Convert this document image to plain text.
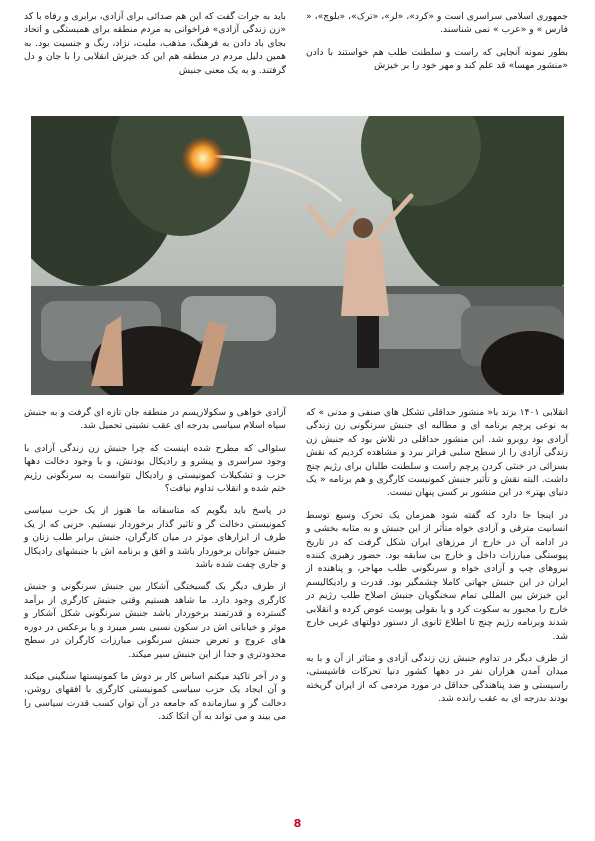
جمهوری اسلامی سراسری است و «کرد»، «لر»، «ترک»، «بلوچ»، « فارس » و «عرب » نمی شناسند.

بطور نمونه آنجایی که راست و سلطنت طلب هم خواستند با دادن «منشور مهسا» قد علم کند و مهر خود را بر خیزش

باید به جرات گفت که این هم صدائی برای آزادی، برابری و رفاه با کد «زن زندگی آزادی» فراخوانی به مردم منطقه برای همبستگی و اتحاد بجای باد دادن به فرهنگ، مذهب، ملیت، نژاد، رنگ و جنسیت بود. به همین دلیل مردم در منطقه هم این کد خیزش انقلابی را با جان و دل گرفتند. و به یک معنی جنبش

انقلابی ۱۴۰۱ بزند با« منشور حداقلی تشکل های صنفی و مدنی » که به نوعی پرچم برنامه ای و مطالبه ای جنبش سرنگونی زن زندگی آزادی بود روبرو شد. این منشور حداقلی در تلاش بود که جنبش زن زندگی آزادی را از سطح سلبی فراتر ببرد و مشاهده کردیم که نقش بسزائی در خنثی کردن پرچم راست و سلطنت طلبان برای رژیم چنج داشت. البته نقش و تأثیر جنبش کمونیست کارگری و هم برنامه « یک دنیای بهتر» در این منشور بر کسی پنهان نیست.

در اینجا جا دارد که گفته شود همزمان یک تحرک وسیع توسط انسانیت مترقی و آزادی خواه متأثر از این جنبش و به مثابه بخشی و در ادامه آن در خارج از مرزهای ایران شکل گرفت که در تاریخ پیوستگی مبارزات داخل و خارج بی سابقه بود. حضور رهبری کننده نیروهای چپ و آزادی خواه و سرنگونی طلب مهاجر، و پناهنده از ایران در این جنبش جهانی کاملا چشمگیر بود. قدرت و رادیکالیسم این خیزش بین المللی تمام سخنگویان جنبش اصلاح طلب رژیم در خارج را مجبور به سکوت کرد و یا بقولی پوست عوض کرده و انقلابی شدند وبرنامه رژیم چنج تا اطلاع ثانوی از دستور دولتهای غربی خارج شد.

از طرف دیگر در تداوم جنبش زن زندگی آزادی و متاثر از آن و با به میدان آمدن هزاران نفر در دهها کشور دنیا تحرکات فاشیستی، راسیستی و ضد پناهندگی حداقل در مورد مردمی که از ایران گریخته بودند بدرجه ای به عقب رانده شد.

آزادی خواهی و سکولاریسم در منطقه جان تازه ای گرفت و به جنبش سیاه اسلام سیاسی بدرجه ای عقب نشینی تحمیل شد.

سئوالی که مطرح شده اینست که چرا جنبش زن زندگی آزادی با وجود سراسری و پیشرو و رادیکال بودنش، و با وجود دخالت دهها حزب و تشکیلات کمونیستی و رادیکال نتوانست به سرنگونی رژیم ختم شده و انقلاب تداوم نیافت؟

در پاسخ باید بگویم که متاسفانه ما هنوز از یک حزب سیاسی کمونیستی دخالت گر و تاثیر گذار برخوردار نیستیم. حزبی که از یک طرف از ابزارهای موثر در میان کارگران، جنبش برابر طلب زنان و جنبش جوانان برخوردار باشد و افق و برنامه اش با جنبشهای رادیکال و جاری چفت شده باشد

از طرف دیگر یک گسیختگی آشکار بین جنبش سرنگونی و جنبش کارگری وجود دارد. ما شاهد هستیم وقتی جنبش کارگری از برآمد گسترده و قدرتمند برخوردار باشد جنبش سرنگونی شکل آشکار و موثر و خیابانی اش در سکون نسبی بسر میبرد و یا برعکس در دوره های عروج و تعرض جنبش سرنگونی مبارزات کارگران در سطح محدودتری و جدا از این جنبش سیر میکند.

و در آخر تاکید میکنم اساس کار بر دوش ما کمونیستها سنگینی میکند و آن ایجاد یک حزب سیاسی کمونیستی کارگری با افقهای روشن، دخالت گر و سازمانده که جامعه در آن توان کسب قدرت سیاسی را می بیند و می تواند به آن اتکا کند.

8
